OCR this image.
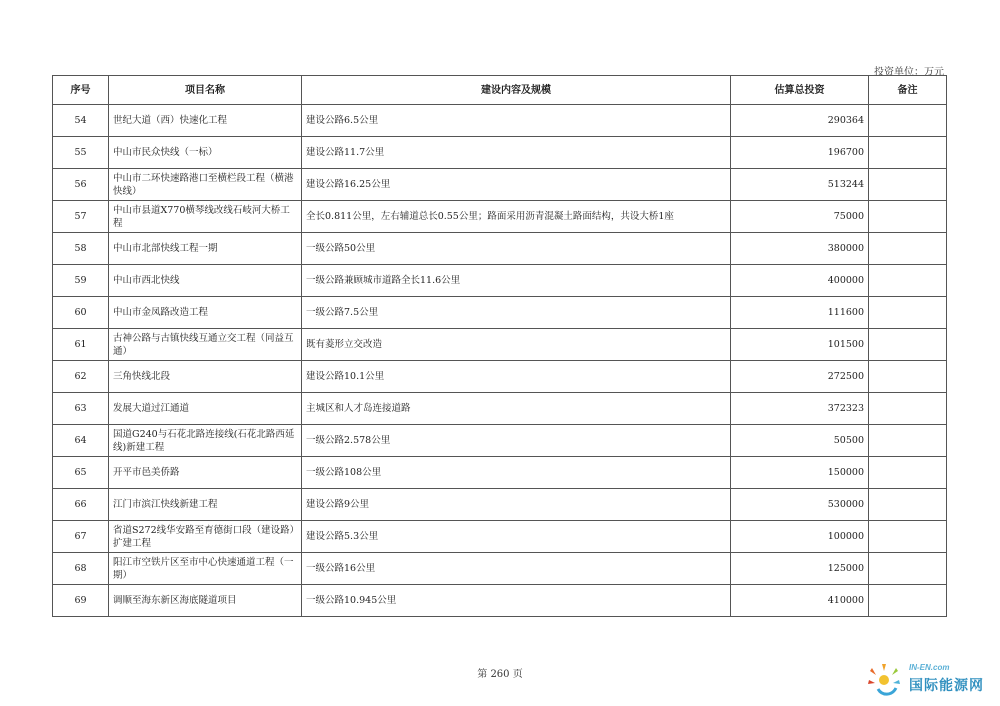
投资单位：万元
序号	项目名称	建设内容及规模	估算总投资	备注
54	世纪大道（西）快速化工程	建设公路6.5公里	290364	
55	中山市民众快线（一标）	建设公路11.7公里	196700	
56	中山市二环快速路港口至横栏段工程（横港快线）	建设公路16.25公里	513244	
57	中山市县道X770横琴线改线石岐河大桥工程	全长0.811公里，左右辅道总长0.55公里；路面采用沥青混凝土路面结构，共设大桥1座	75000	
58	中山市北部快线工程一期	一级公路50公里	380000	
59	中山市西北快线	一级公路兼顾城市道路全长11.6公里	400000	
60	中山市金凤路改造工程	一级公路7.5公里	111600	
61	古神公路与古镇快线互通立交工程（同益互通）	既有菱形立交改造	101500	
62	三角快线北段	建设公路10.1公里	272500	
63	发展大道过江通道	主城区和人才岛连接道路	372323	
64	国道G240与石花北路连接线(石花北路西延线)新建工程	一级公路2.578公里	50500	
65	开平市邑美侨路	一级公路108公里	150000	
66	江门市滨江快线新建工程	建设公路9公里	530000	
67	省道S272线华安路至育德街口段（建设路）扩建工程	建设公路5.3公里	100000	
68	阳江市空铁片区至市中心快速通道工程（一期）	一级公路16公里	125000	
69	调顺至海东新区海底隧道项目	一级公路10.945公里	410000	
第 260 页
IN-EN.com
国际能源网
